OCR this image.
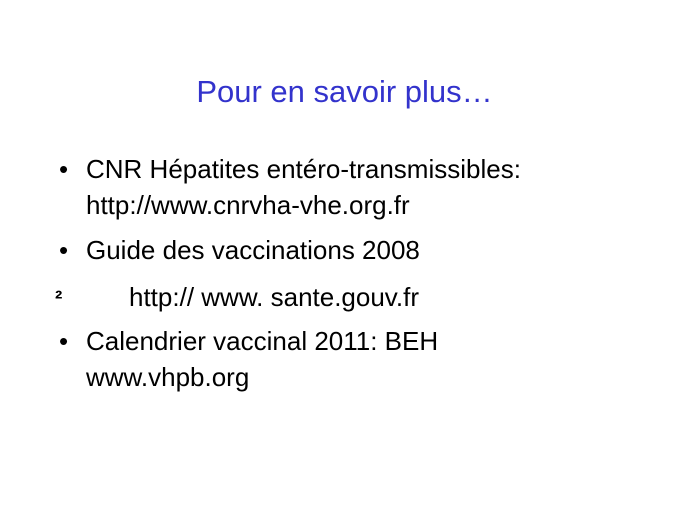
Pour en savoir plus…
• CNR Hépatites entéro-transmissibles:
http://www.cnrvha-vhe.org.fr
• Guide des vaccinations 2008
²	http:// www. sante.gouv.fr
• Calendrier vaccinal 2011: BEH
www.vhpb.org
